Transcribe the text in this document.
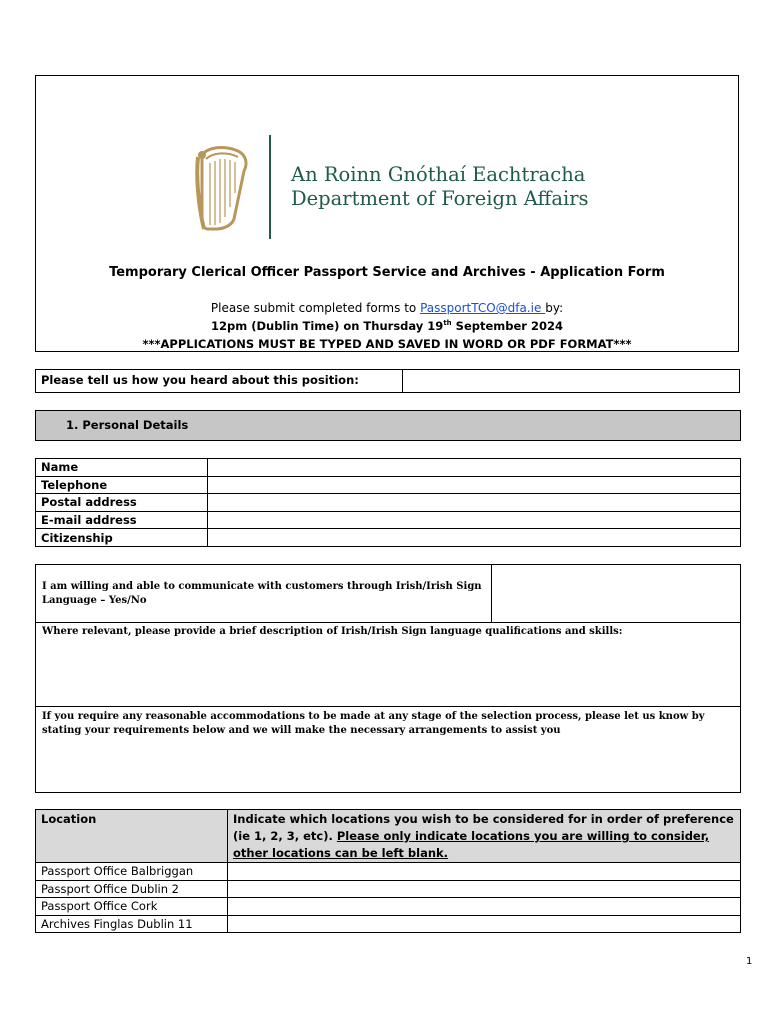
An Roinn Gnóthaí Eachtracha
Department of Foreign Affairs
Temporary Clerical Officer Passport Service and Archives - Application Form
Please submit completed forms to PassportTCO@dfa.ie by:
12pm (Dublin Time) on Thursday 19th September 2024
***APPLICATIONS MUST BE TYPED AND SAVED IN WORD OR PDF FORMAT***
Please tell us how you heard about this position:
1. Personal Details
Name	
Telephone	
Postal address	
E-mail address	
Citizenship	
I am willing and able to communicate with customers through Irish/Irish Sign Language – Yes/No
Where relevant, please provide a brief description of Irish/Irish Sign language qualifications and skills:
If you require any reasonable accommodations to be made at any stage of the selection process, please let us know by stating your requirements below and we will make the necessary arrangements to assist you
Location	Indicate which locations you wish to be considered for in order of preference (ie 1, 2, 3, etc). Please only indicate locations you are willing to consider, other locations can be left blank.
Passport Office Balbriggan	
Passport Office Dublin 2	
Passport Office Cork	
Archives Finglas Dublin 11	
1
